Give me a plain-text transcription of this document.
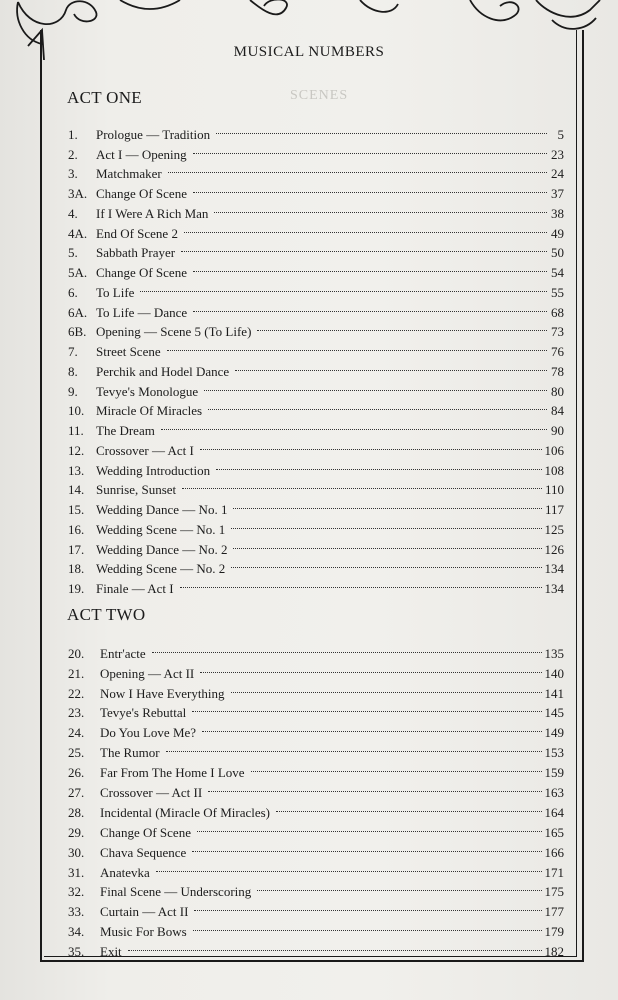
SCENES
MUSICAL NUMBERS
ACT ONE
1.	Prologue — Tradition	5
2.	Act I — Opening	23
3.	Matchmaker	24
3A. Change Of Scene	37
4.	If I Were A Rich Man	38
4A. End Of Scene 2	49
5.	Sabbath Prayer	50
5A. Change Of Scene	54
6.	To Life	55
6A. To Life — Dance	68
6B. Opening — Scene 5 (To Life)	73
7.	Street Scene	76
8.	Perchik and Hodel Dance	78
9.	Tevye's Monologue	80
10. Miracle Of Miracles	84
11. The Dream	90
12. Crossover — Act I	106
13. Wedding Introduction	108
14. Sunrise, Sunset	110
15. Wedding Dance — No. 1	117
16. Wedding Scene — No. 1	125
17. Wedding Dance — No. 2	126
18. Wedding Scene — No. 2	134
19. Finale — Act I	134
ACT TWO
20.	Entr'acte	135
21.	Opening — Act II	140
22.	Now I Have Everything	141
23.	Tevye's Rebuttal	145
24.	Do You Love Me?	149
25.	The Rumor	153
26.	Far From The Home I Love	159
27.	Crossover — Act II	163
28.	Incidental (Miracle Of Miracles)	164
29.	Change Of Scene	165
30.	Chava Sequence	166
31.	Anatevka	171
32.	Final Scene — Underscoring	175
33.	Curtain — Act II	177
34.	Music For Bows	179
35.	Exit	182
